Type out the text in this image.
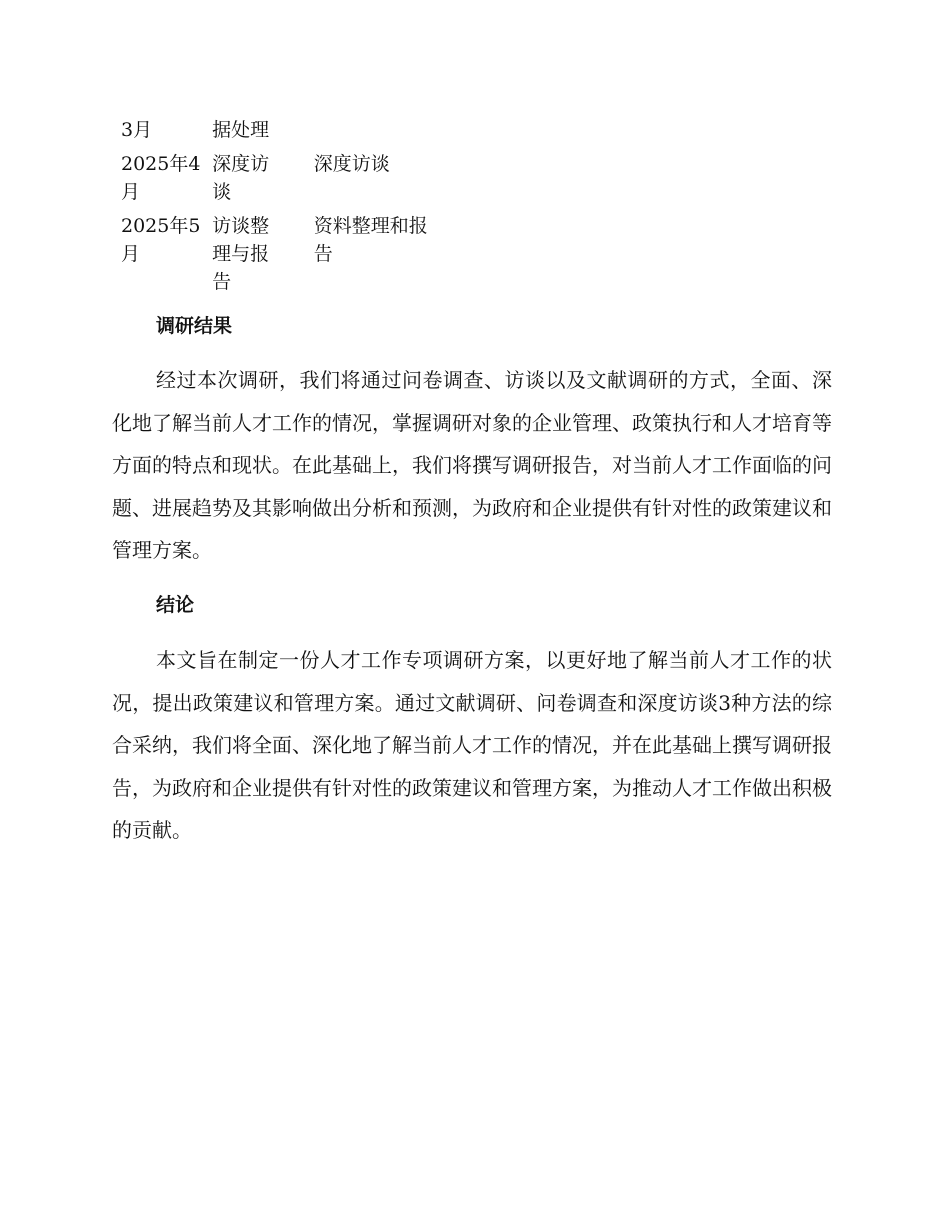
3月	据处理
2025年4月
深度访谈
深度访谈
2025年5月
访谈整理与报告
资料整理和报告
调研结果

经过本次调研，我们将通过问卷调查、访谈以及文献调研的方式，全面、深化地了解当前人才工作的情况，掌握调研对象的企业管理、政策执行和人才培育等方面的特点和现状。在此基础上，我们将撰写调研报告，对当前人才工作面临的问题、进展趋势及其影响做出分析和预测，为政府和企业提供有针对性的政策建议和管理方案。

结论

本文旨在制定一份人才工作专项调研方案，以更好地了解当前人才工作的状况，提出政策建议和管理方案。通过文献调研、问卷调查和深度访谈3种方法的综合采纳，我们将全面、深化地了解当前人才工作的情况，并在此基础上撰写调研报告，为政府和企业提供有针对性的政策建议和管理方案，为推动人才工作做出积极的贡献。
